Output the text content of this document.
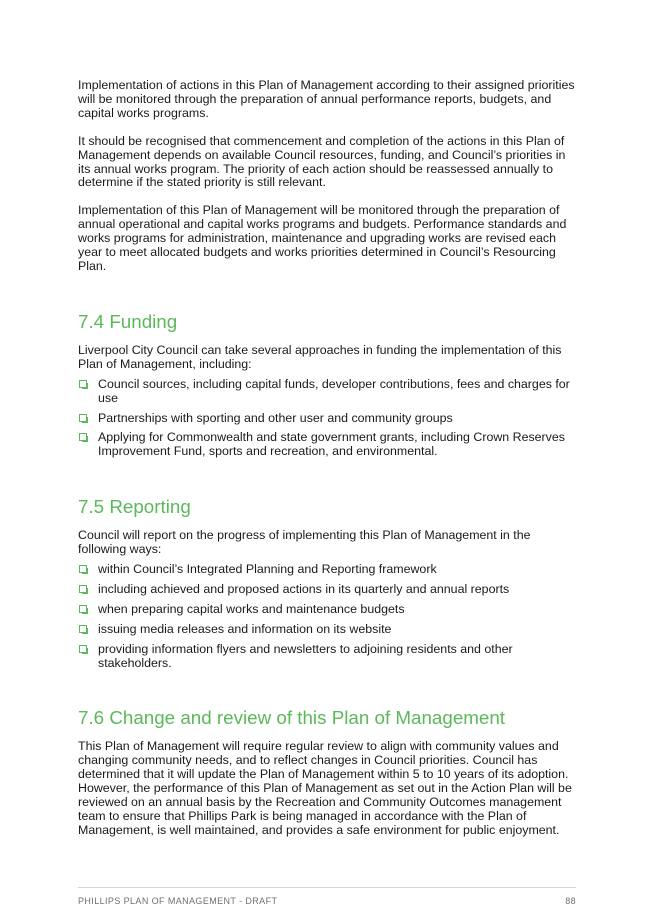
Implementation of actions in this Plan of Management according to their assigned priorities will be monitored through the preparation of annual performance reports, budgets, and capital works programs.

It should be recognised that commencement and completion of the actions in this Plan of Management depends on available Council resources, funding, and Council’s priorities in its annual works program. The priority of each action should be reassessed annually to determine if the stated priority is still relevant.

Implementation of this Plan of Management will be monitored through the preparation of annual operational and capital works programs and budgets. Performance standards and works programs for administration, maintenance and upgrading works are revised each year to meet allocated budgets and works priorities determined in Council’s Resourcing Plan.

7.4 Funding

Liverpool City Council can take several approaches in funding the implementation of this Plan of Management, including:

Council sources, including capital funds, developer contributions, fees and charges for use
Partnerships with sporting and other user and community groups
Applying for Commonwealth and state government grants, including Crown Reserves Improvement Fund, sports and recreation, and environmental.
7.5 Reporting

Council will report on the progress of implementing this Plan of Management in the following ways:

within Council’s Integrated Planning and Reporting framework
including achieved and proposed actions in its quarterly and annual reports
when preparing capital works and maintenance budgets
issuing media releases and information on its website
providing information flyers and newsletters to adjoining residents and other stakeholders.
7.6 Change and review of this Plan of Management

This Plan of Management will require regular review to align with community values and changing community needs, and to reflect changes in Council priorities. Council has determined that it will update the Plan of Management within 5 to 10 years of its adoption. However, the performance of this Plan of Management as set out in the Action Plan will be reviewed on an annual basis by the Recreation and Community Outcomes management team to ensure that Phillips Park is being managed in accordance with the Plan of Management, is well maintained, and provides a safe environment for public enjoyment.

PHILLIPS PLAN OF MANAGEMENT - DRAFT	88
